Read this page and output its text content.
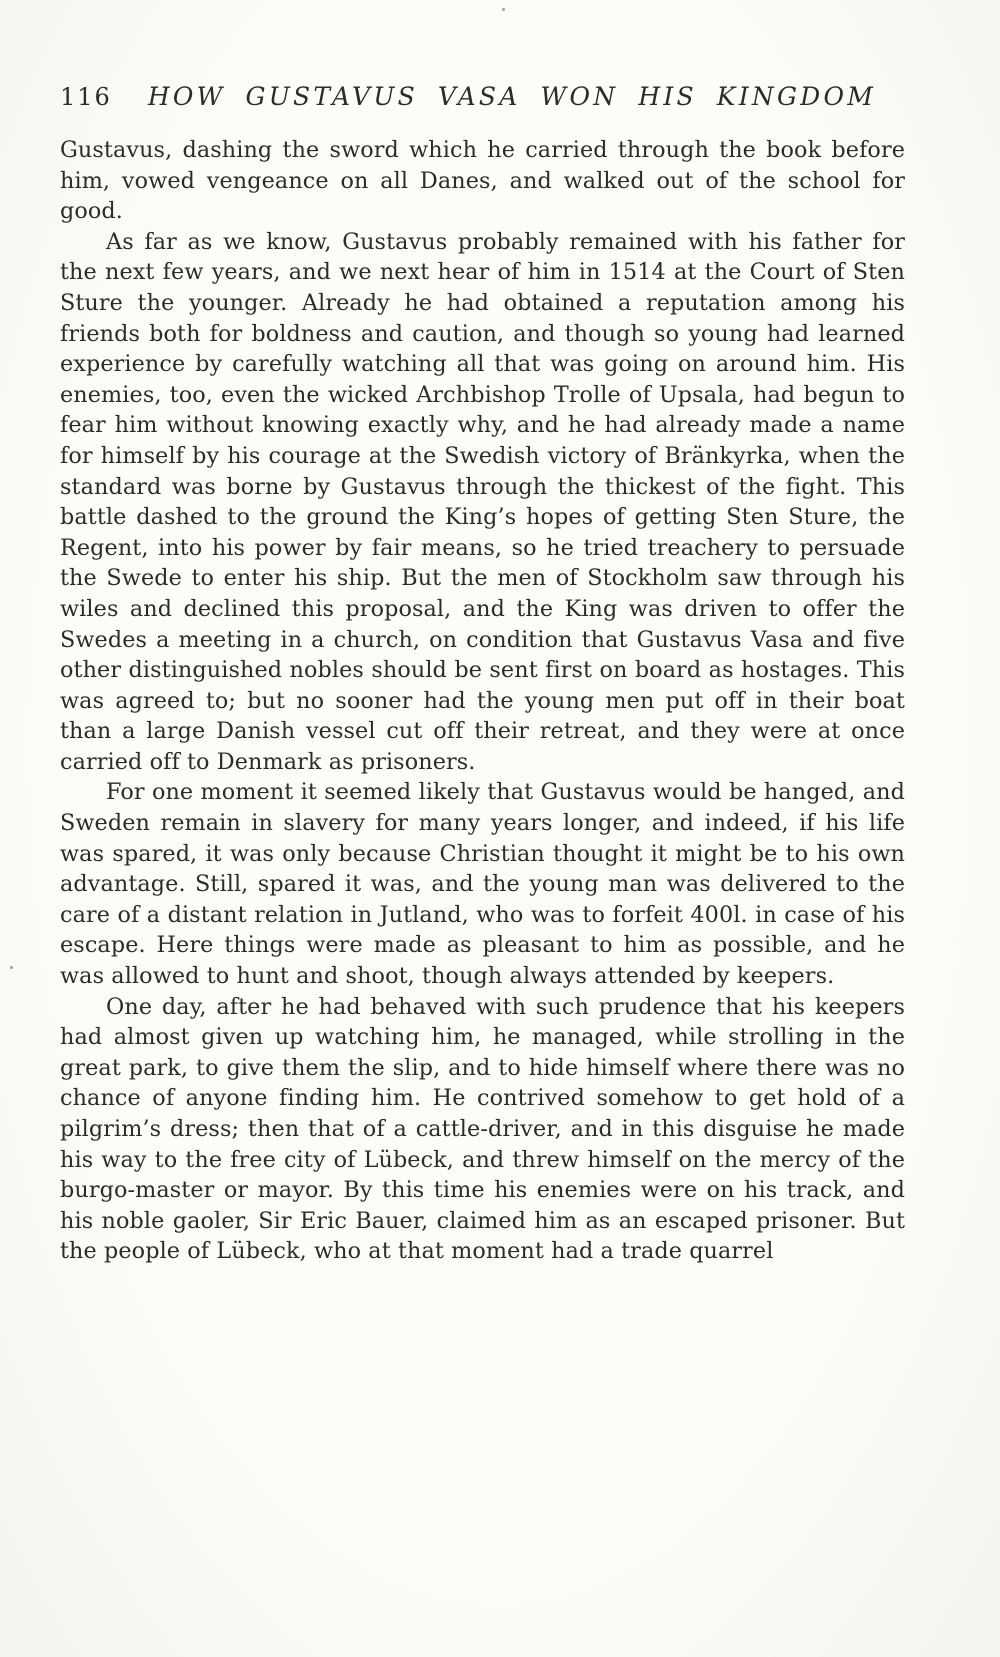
116 HOW GUSTAVUS VASA WON HIS KINGDOM

Gustavus, dashing the sword which he carried through the book before him, vowed vengeance on all Danes, and walked out of the school for good.

As far as we know, Gustavus probably remained with his father for the next few years, and we next hear of him in 1514 at the Court of Sten Sture the younger. Already he had obtained a reputation among his friends both for boldness and caution, and though so young had learned experience by carefully watching all that was going on around him. His enemies, too, even the wicked Archbishop Trolle of Upsala, had begun to fear him without knowing exactly why, and he had already made a name for himself by his courage at the Swedish victory of Bränkyrka, when the standard was borne by Gustavus through the thickest of the fight. This battle dashed to the ground the King’s hopes of getting Sten Sture, the Regent, into his power by fair means, so he tried treachery to persuade the Swede to enter his ship. But the men of Stockholm saw through his wiles and declined this proposal, and the King was driven to offer the Swedes a meeting in a church, on condition that Gustavus Vasa and five other distinguished nobles should be sent first on board as hostages. This was agreed to; but no sooner had the young men put off in their boat than a large Danish vessel cut off their retreat, and they were at once carried off to Denmark as prisoners.

For one moment it seemed likely that Gustavus would be hanged, and Sweden remain in slavery for many years longer, and indeed, if his life was spared, it was only because Christian thought it might be to his own advantage. Still, spared it was, and the young man was delivered to the care of a distant relation in Jutland, who was to forfeit 400l. in case of his escape. Here things were made as pleasant to him as possible, and he was allowed to hunt and shoot, though always attended by keepers.

One day, after he had behaved with such prudence that his keepers had almost given up watching him, he managed, while strolling in the great park, to give them the slip, and to hide himself where there was no chance of anyone finding him. He contrived somehow to get hold of a pilgrim’s dress; then that of a cattle-driver, and in this disguise he made his way to the free city of Lübeck, and threw himself on the mercy of the burgo-master or mayor. By this time his enemies were on his track, and his noble gaoler, Sir Eric Bauer, claimed him as an escaped prisoner. But the people of Lübeck, who at that moment had a trade quarrel
